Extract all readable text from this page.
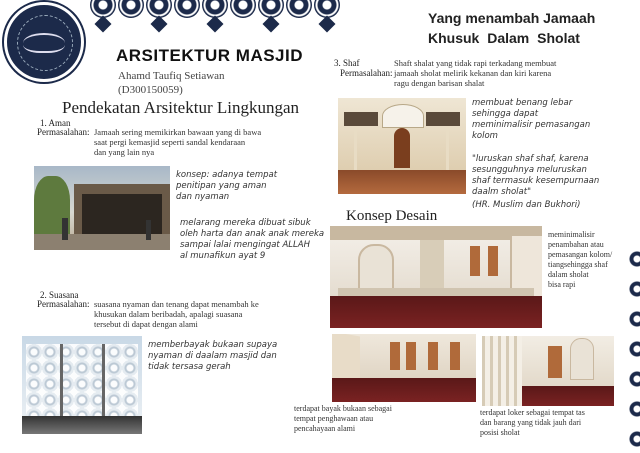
ARSITEKTUR MASJID
Ahamd Taufiq Setiawan
(D300150059)
Pendekatan Arsitektur Lingkungan
Yang menambah Jamaah
Khusuk Dalam Sholat
1. Aman
Permasalahan: Jamaah sering memikirkan bawaan yang di bawa
saat pergi kemasjid seperti sandal kendaraan
dan yang lain nya
konsep: adanya tempat
penitipan yang aman
dan nyaman
melarang mereka dibuat sibuk
oleh harta dan anak anak mereka
sampai lalai mengingat ALLAH
al munafikun ayat 9
2. Suasana
Permasalahan: suasana nyaman dan tenang dapat menambah ke
khusukan dalam beribadah, apalagi suasana
tersebut di dapat dengan alami
memberbayak bukaan supaya
nyaman di daalam masjid dan
tidak tersasa gerah
3. Shaf
Permasalahan:
Shaft shalat yang tidak rapi terkadang membuat
jamaah sholat melirik kekanan dan kiri karena
ragu dengan barisan shalat
membuat benang lebar
sehingga dapat
meminimalisir pemasangan
kolom
"luruskan shaf shaf, karena
sesungguhnya meluruskan
shaf termasuk kesempurnaan
daalm sholat"
(HR. Muslim dan Bukhori)
Konsep Desain
meminimalisir
penambahan atau
pemasangan kolom/
tiangsehingga shaf
dalam sholat
bisa rapi
terdapat bayak bukaan sebagai
tempat penghawaan atau
pencahayaan alami
terdapat loker sebagai tempat tas
dan barang yang tidak jauh dari
posisi sholat
